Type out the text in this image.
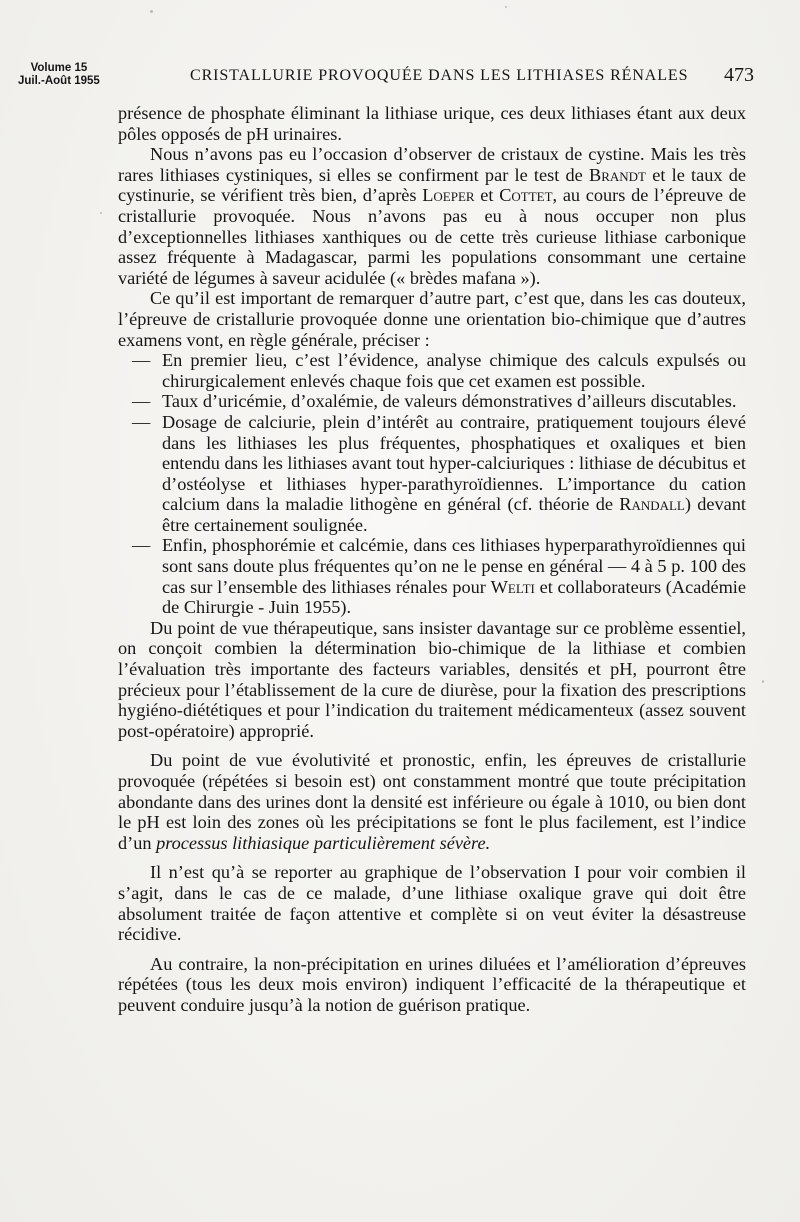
Volume 15
Juil.-Août 1955	CRISTALLURIE PROVOQUÉE DANS LES LITHIASES RÉNALES 473

présence de phosphate éliminant la lithiase urique, ces deux lithiases étant aux deux pôles opposés de pH urinaires.

Nous n’avons pas eu l’occasion d’observer de cristaux de cystine. Mais les très rares lithiases cystiniques, si elles se confirment par le test de Brandt et le taux de cystinurie, se vérifient très bien, d’après Loeper et Cottet, au cours de l’épreuve de cristallurie provoquée. Nous n’avons pas eu à nous occuper non plus d’exceptionnelles lithiases xanthiques ou de cette très curieuse lithiase carbonique assez fréquente à Madagascar, parmi les populations consommant une certaine variété de légumes à saveur acidulée (« brèdes mafana »).

Ce qu’il est important de remarquer d’autre part, c’est que, dans les cas douteux, l’épreuve de cristallurie provoquée donne une orientation bio-chimique que d’autres examens vont, en règle générale, préciser :

— En premier lieu, c’est l’évidence, analyse chimique des calculs expulsés ou chirurgicalement enlevés chaque fois que cet examen est possible.

— Taux d’uricémie, d’oxalémie, de valeurs démonstratives d’ailleurs discutables.

— Dosage de calciurie, plein d’intérêt au contraire, pratiquement toujours élevé dans les lithiases les plus fréquentes, phosphatiques et oxaliques et bien entendu dans les lithiases avant tout hyper-calciuriques : lithiase de décubitus et d’ostéolyse et lithiases hyper-parathyroïdiennes. L’importance du cation calcium dans la maladie lithogène en général (cf. théorie de Randall) devant être certainement soulignée.

— Enfin, phosphorémie et calcémie, dans ces lithiases hyperparathyroïdiennes qui sont sans doute plus fréquentes qu’on ne le pense en général — 4 à 5 p. 100 des cas sur l’ensemble des lithiases rénales pour Welti et collaborateurs (Académie de Chirurgie - Juin 1955).

Du point de vue thérapeutique, sans insister davantage sur ce problème essentiel, on conçoit combien la détermination bio-chimique de la lithiase et combien l’évaluation très importante des facteurs variables, densités et pH, pourront être précieux pour l’établissement de la cure de diurèse, pour la fixation des prescriptions hygiéno-diététiques et pour l’indication du traitement médicamenteux (assez souvent post-opératoire) approprié.

Du point de vue évolutivité et pronostic, enfin, les épreuves de cristallurie provoquée (répétées si besoin est) ont constamment montré que toute précipitation abondante dans des urines dont la densité est inférieure ou égale à 1010, ou bien dont le pH est loin des zones où les précipitations se font le plus facilement, est l’indice d’un processus lithiasique particulièrement sévère.

Il n’est qu’à se reporter au graphique de l’observation I pour voir combien il s’agit, dans le cas de ce malade, d’une lithiase oxalique grave qui doit être absolument traitée de façon attentive et complète si on veut éviter la désastreuse récidive.

Au contraire, la non-précipitation en urines diluées et l’amélioration d’épreuves répétées (tous les deux mois environ) indiquent l’efficacité de la thérapeutique et peuvent conduire jusqu’à la notion de guérison pratique.
